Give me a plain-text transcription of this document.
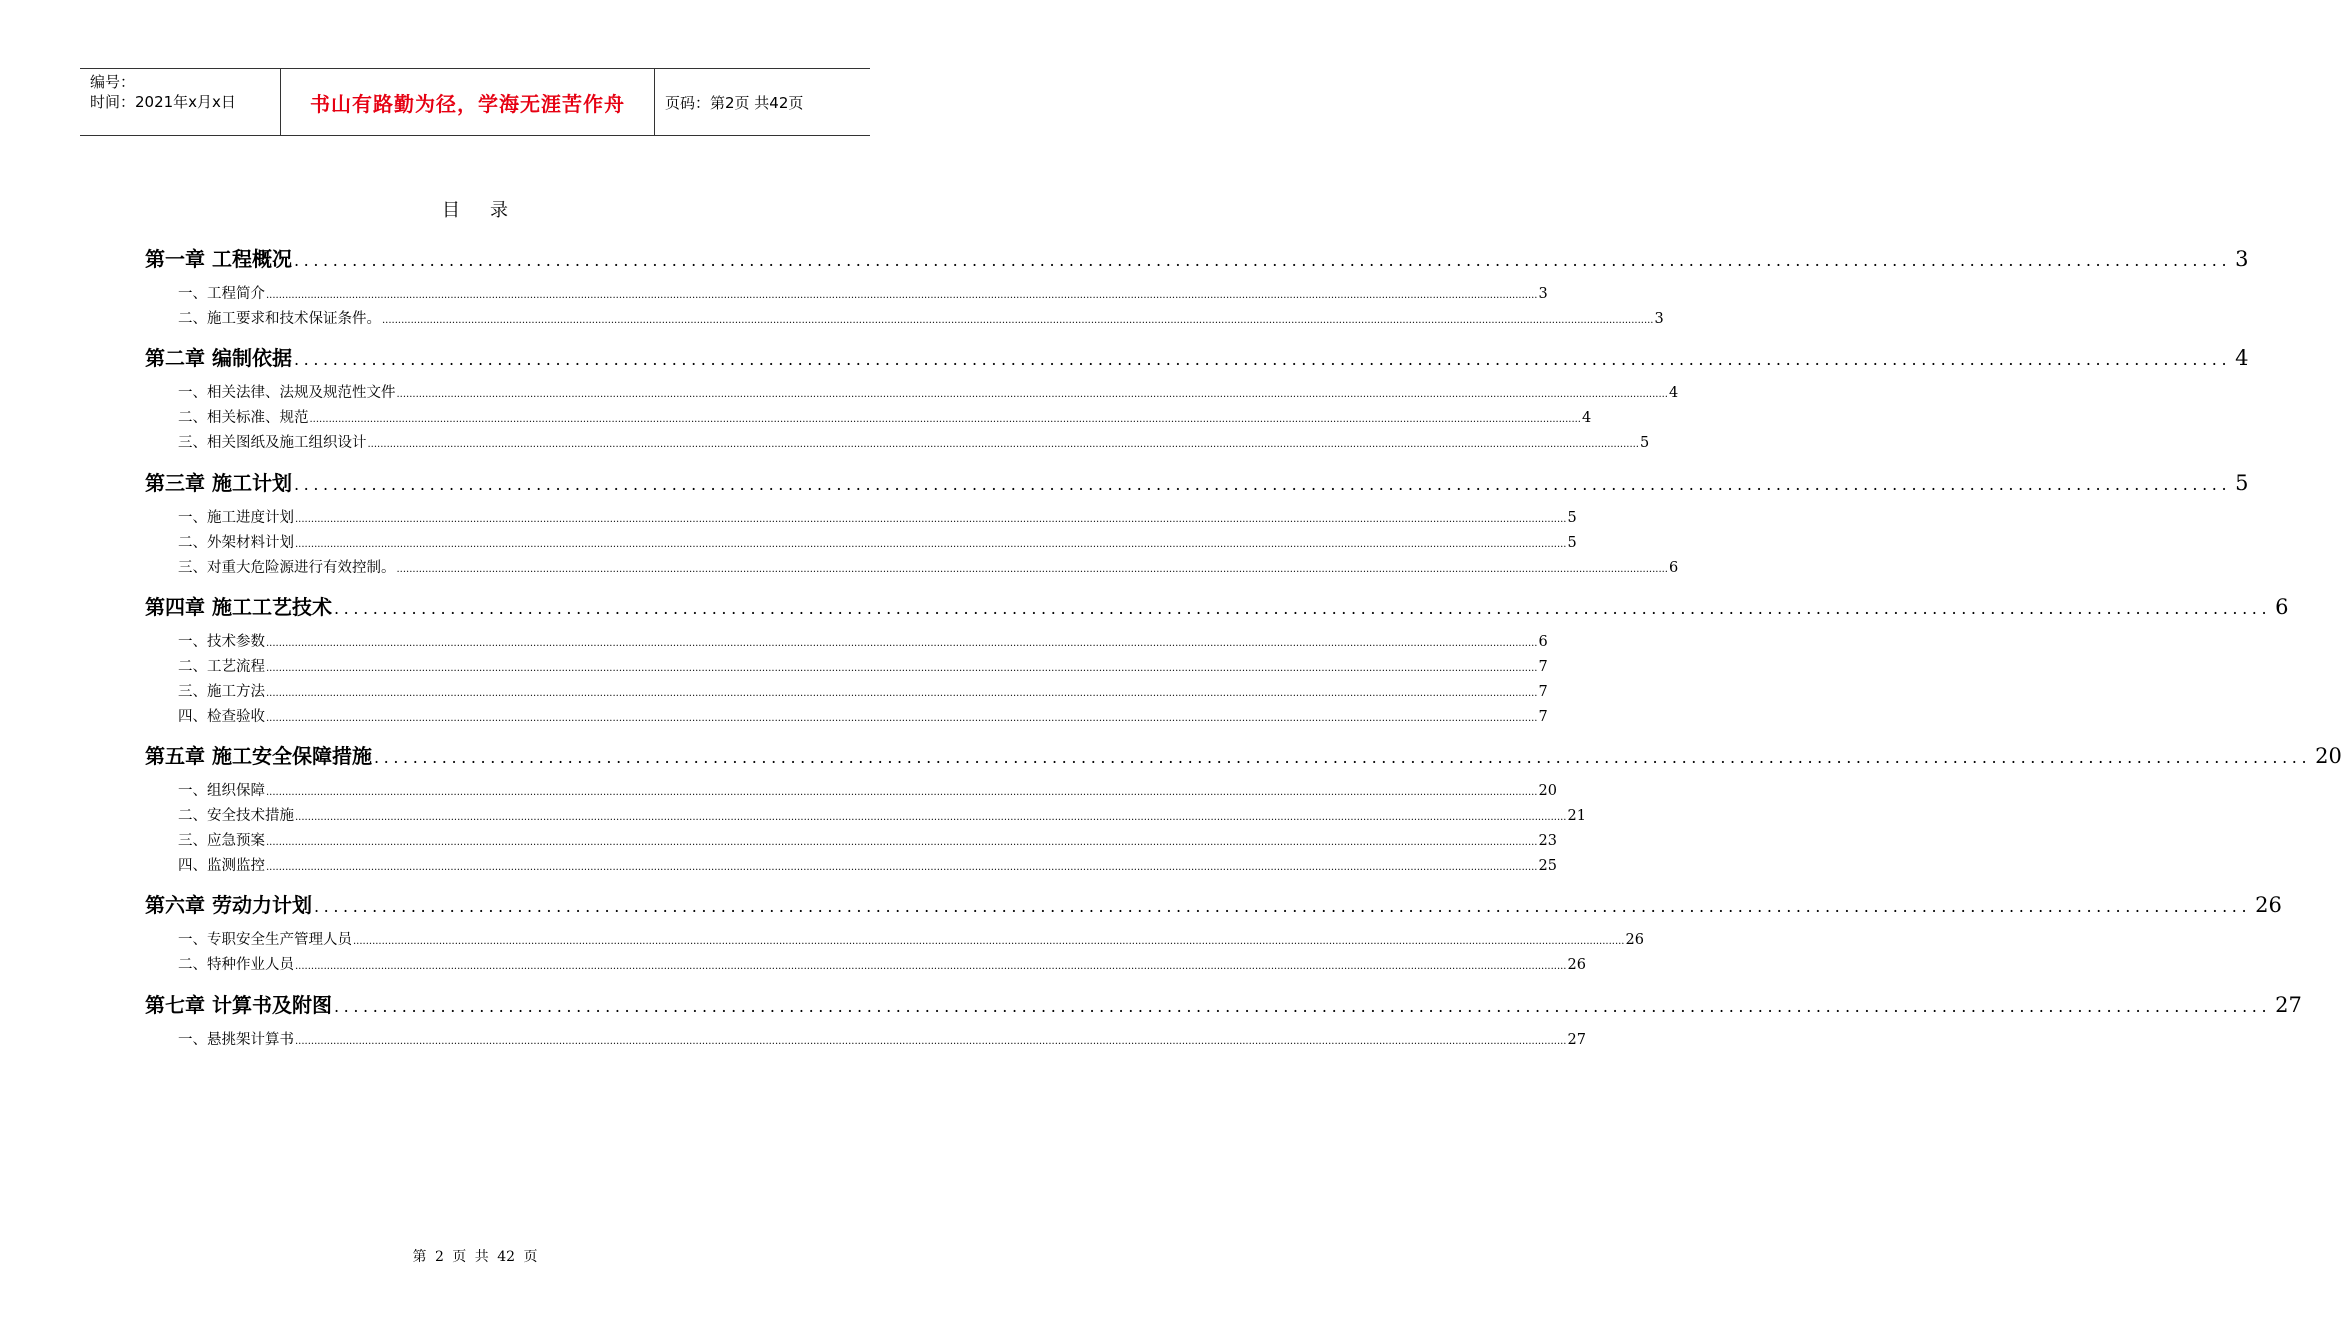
编号：
时间：2021年x月x日	书山有路勤为径，学海无涯苦作舟	页码：第2页 共42页
目录
第一章 工程概况 ........................................................................................................................................................................................................ 3
一、工程简介 ................................................................................................................................................................................................................................................................................................................................................................................................................ 3
二、施工要求和技术保证条件。 ................................................................................................................................................................................................................................................................................................................................................................................................................ 3
第二章 编制依据 ........................................................................................................................................................................................................ 4
一、相关法律、法规及规范性文件 ................................................................................................................................................................................................................................................................................................................................................................................................................ 4
二、相关标准、规范 ................................................................................................................................................................................................................................................................................................................................................................................................................ 4
三、相关图纸及施工组织设计 ................................................................................................................................................................................................................................................................................................................................................................................................................ 5
第三章 施工计划 ........................................................................................................................................................................................................ 5
一、施工进度计划 ................................................................................................................................................................................................................................................................................................................................................................................................................ 5
二、外架材料计划 ................................................................................................................................................................................................................................................................................................................................................................................................................ 5
三、对重大危险源进行有效控制。 ................................................................................................................................................................................................................................................................................................................................................................................................................ 6
第四章 施工工艺技术 ........................................................................................................................................................................................................ 6
一、技术参数 ................................................................................................................................................................................................................................................................................................................................................................................................................ 6
二、工艺流程 ................................................................................................................................................................................................................................................................................................................................................................................................................ 7
三、施工方法 ................................................................................................................................................................................................................................................................................................................................................................................................................ 7
四、检查验收 ................................................................................................................................................................................................................................................................................................................................................................................................................ 7
第五章 施工安全保障措施 ........................................................................................................................................................................................................ 20
一、组织保障 ................................................................................................................................................................................................................................................................................................................................................................................................................ 20
二、安全技术措施 ................................................................................................................................................................................................................................................................................................................................................................................................................ 21
三、应急预案 ................................................................................................................................................................................................................................................................................................................................................................................................................ 23
四、监测监控 ................................................................................................................................................................................................................................................................................................................................................................................................................ 25
第六章 劳动力计划 ........................................................................................................................................................................................................ 26
一、专职安全生产管理人员 ................................................................................................................................................................................................................................................................................................................................................................................................................ 26
二、特种作业人员 ................................................................................................................................................................................................................................................................................................................................................................................................................ 26
第七章 计算书及附图 ........................................................................................................................................................................................................ 27
一、悬挑架计算书 ................................................................................................................................................................................................................................................................................................................................................................................................................ 27
第 2 页 共 42 页
